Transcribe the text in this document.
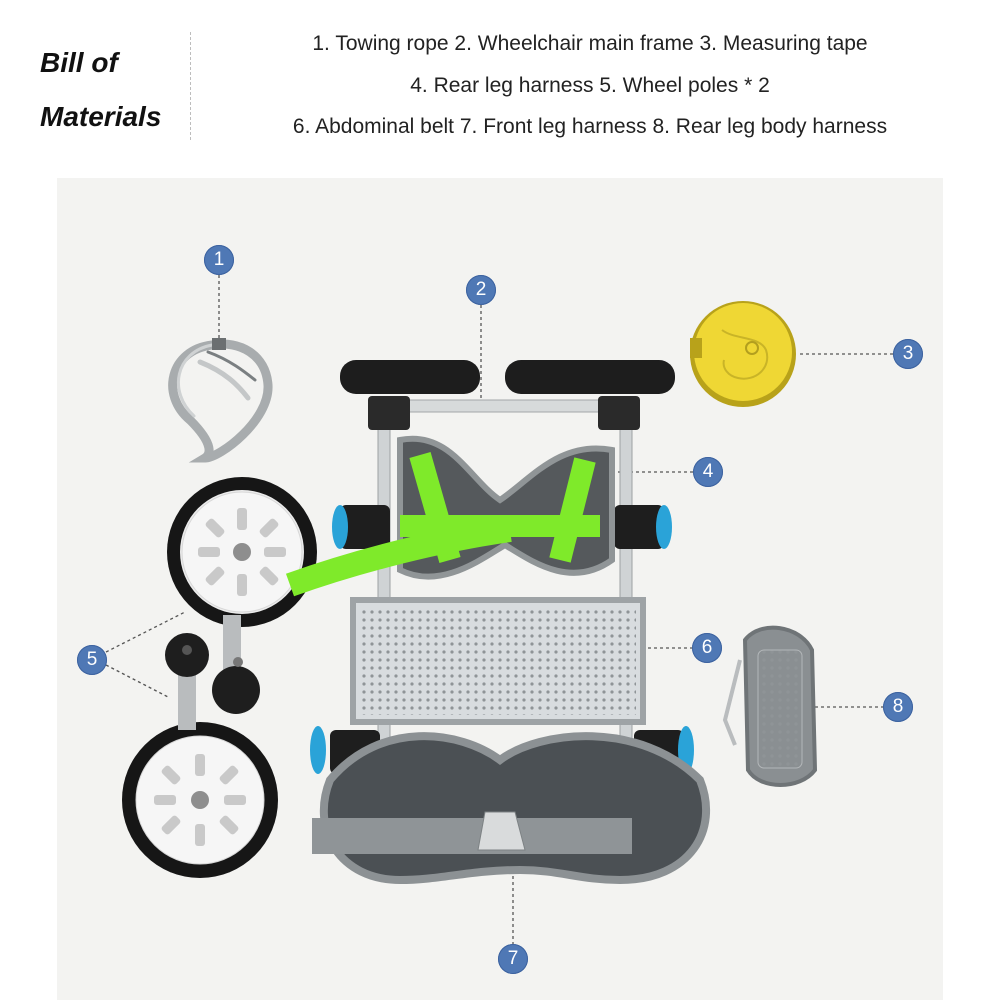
Bill of
Materials
1. Towing rope 2. Wheelchair main frame 3. Measuring tape
4. Rear leg harness 5. Wheel poles * 2
6. Abdominal belt 7. Front leg harness 8. Rear leg body harness
1
2
3
4
5
6
7
8
